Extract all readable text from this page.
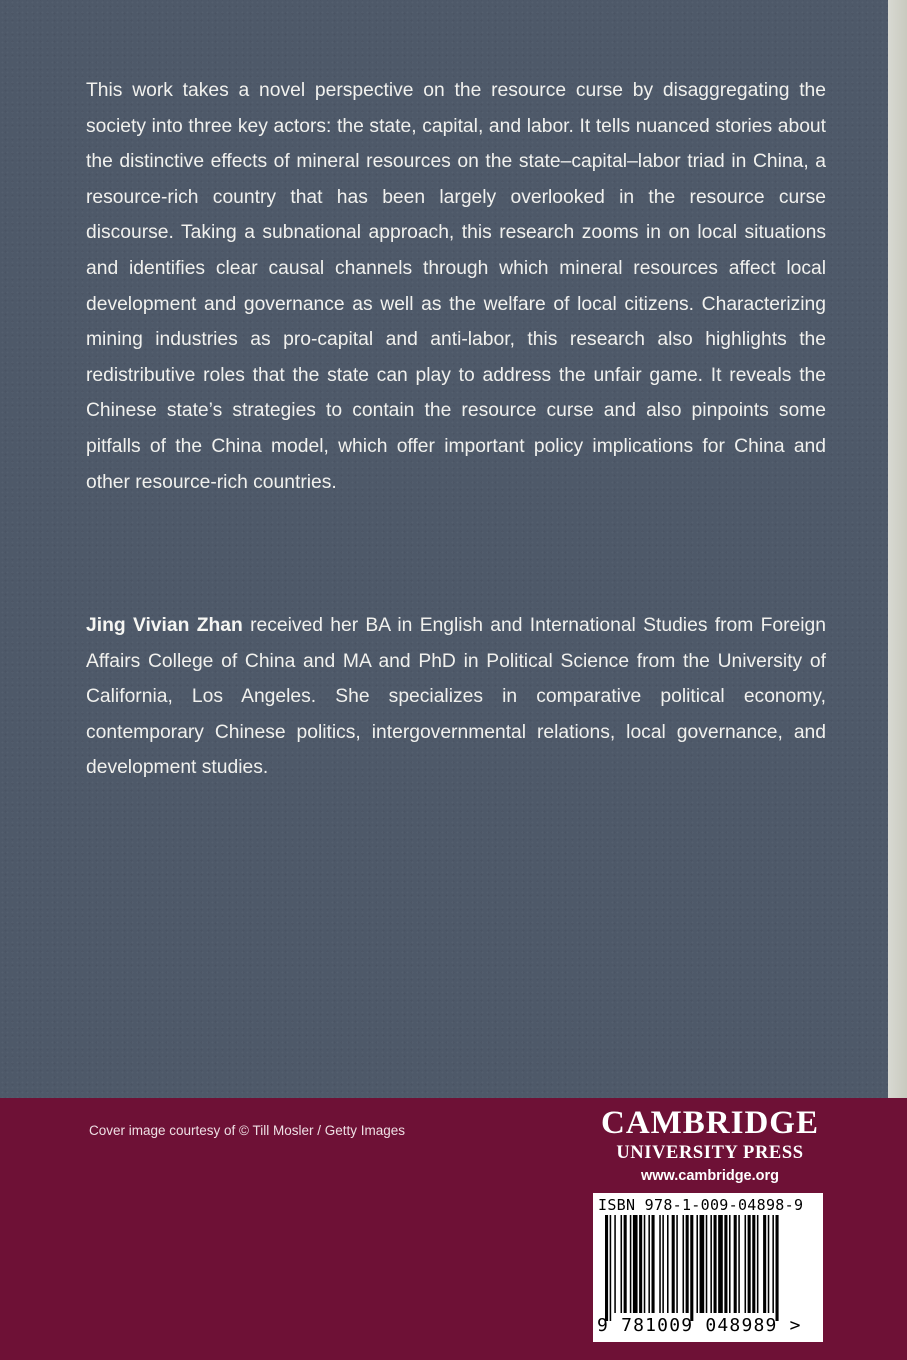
This work takes a novel perspective on the resource curse by disaggregating the society into three key actors: the state, capital, and labor. It tells nuanced stories about the distinctive effects of mineral resources on the state–capital–labor triad in China, a resource-rich country that has been largely overlooked in the resource curse discourse. Taking a subnational approach, this research zooms in on local situations and identifies clear causal channels through which mineral resources affect local development and governance as well as the welfare of local citizens. Characterizing mining industries as pro-capital and anti-labor, this research also highlights the redistributive roles that the state can play to address the unfair game. It reveals the Chinese state’s strategies to contain the resource curse and also pinpoints some pitfalls of the China model, which offer important policy implications for China and other resource-rich countries.

Jing Vivian Zhan received her BA in English and International Studies from Foreign Affairs College of China and MA and PhD in Political Science from the University of California, Los Angeles. She specializes in comparative political economy, contemporary Chinese politics, intergovernmental relations, local governance, and development studies.

Cover image courtesy of © Till Mosler / Getty Images	CAMBRIDGE
UNIVERSITY PRESS
www.cambridge.org
ISBN 978-1-009-04898-9
9 781009 048989 >
